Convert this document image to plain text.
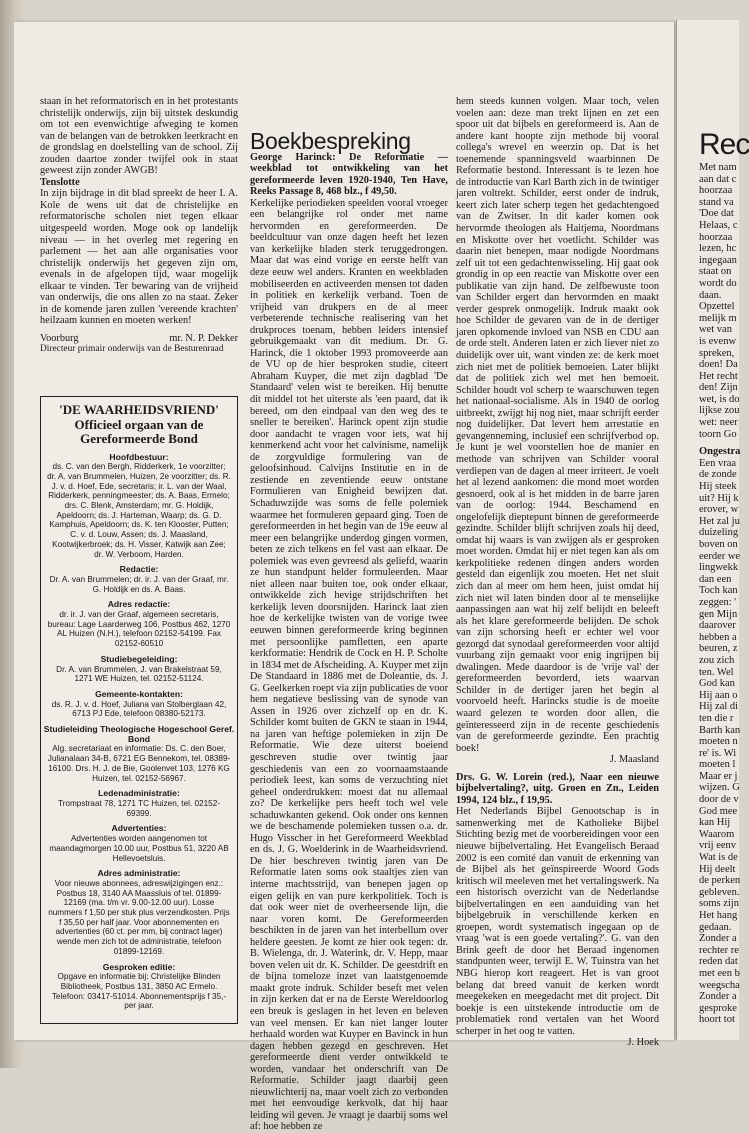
staan in het reformatorisch en in het protestants christelijk onderwijs, zijn bij uitstek deskundig om tot een evenwichtige afweging te komen van de belangen van de betrokken leerkracht en de grondslag en doelstelling van de school. Zij zouden daartoe zonder twijfel ook in staat geweest zijn zonder AWGB!

Tenslotte

In zijn bijdrage in dit blad spreekt de heer I. A. Kole de wens uit dat de christelijke en reformatorische scholen niet tegen elkaar uitgespeeld worden. Mogе ook op landelijk niveau — in het overleg met regering en parlement — het aan alle organisaties voor christelijk onderwijs het gegeven zijn om, evenals in de afgelopen tijd, waar mogelijk elkaar te vinden. Ter bewaring van de vrijheid van onderwijs, die ons allen zo na staat. Zeker in de komende jaren zullen 'vereende krachten' heilzaam kunnen en moeten werken!

Voorburg	mr. N. P. Dekker

Directeur primair onderwijs van de Besturenraad

'DE WAARHEIDSVRIEND' Officieel orgaan van de Gereformeerde Bond
Hoofdbestuur:
ds. C. van den Bergh, Ridderkerk, 1e voorzitter; dr. A. van Brummelen, Huizen, 2e voorzitter; ds. R. J. v. d. Hoef, Ede, secretaris; ir. L. van der Waal, Ridderkerk, penningmeester; ds. A. Baas, Ermelo; drs. C. Blenk, Amsterdam; mr. G. Holdijk, Apeldoorn; ds. J. Harteman, Waarp; ds. G. D. Kamphuis, Apeldoorn; ds. K. ten Klooster, Putten; C. v. d. Louw, Assen; ds. J. Maasland, Kootwijkerbroek; ds. H. Visser, Katwijk aan Zee; dr. W. Verboom, Harden.
Redactie:
Dr. A. van Brummelen; dr. ir. J. van der Graaf, mr. G. Holdijk en ds. A. Baas.
Adres redactie:
dr. ir. J. van der Graaf, algemeen secretaris, bureau: Lage Laarderweg 106, Postbus 462, 1270 AL Huizen (N.H.), telefoon 02152-54199. Fax 02152-60510
Studiebegeleiding:
Dr. A. van Brummelen, J. van Brakelstraat 59, 1271 WE Huizen, tel. 02152-51124.
Gemeente-kontakten:
ds. R. J. v. d. Hoef, Juliana van Stolberglaan 42, 6713 PJ Ede, telefoon 08380-52173.
Studieleiding Theologische Hogeschool Geref. Bond
Alg. secretariaat en informatie: Ds. C. den Boer, Julianalaan 34-B, 6721 EG Bennekom, tel. 08389-16100. Drs. H. J. de Bie, Goolenvet 103, 1276 KG Huizen, tel. 02152-56967.
Ledenadministratie:
Trompstraat 78, 1271 TC Huizen, tel. 02152-69399.
Advertenties:
Advertenties worden aangenomen tot maandagmorgen 10.00 uur, Postbus 51, 3220 AB Hellevoetsluis.
Adres administratie:
Voor nieuwe abonnees, adreswijzigingen enz.: Postbus 18, 3140 AA Maassluis of tel. 01899-12169 (ma. t/m vr. 9.00-12.00 uur). Losse nummers f 1,50 per stuk plus verzendkosten. Prijs f 35,50 per half jaar. Voor abonnementen en advertenties (60 ct. per mm, bij contract lager) wende men zich tot de administratie, telefoon 01899-12169.
Gesproken editie:
Opgave en informatie bij: Christelijke Blinden Bibliotheek, Postbus 131, 3850 AC Ermelo. Telefoon: 03417-51014. Abonnementsprijs f 35,- per jaar.
Boekbespreking

George Harinck: De Reformatie — weekblad tot ontwikkeling van het gereformeerde leven 1920-1940, Ten Have, Reeks Passage 8, 468 blz., f 49,50.

Kerkelijke periodieken speelden vooral vroeger een belangrijke rol onder met name hervormden en gereformeerden. De beeldcultuur van onze dagen heeft het lezen van kerkelijke bladen sterk teruggedrongen. Maar dat was eind vorige en eerste helft van deze eeuw wel anders. Kranten en weekbladen mobiliseerden en activeerden mensen tot daden in politiek en kerkelijk verband. Toen de vrijheid van drukpers en de al meer verbeterende technische realisering van het drukproces toenam, hebben leiders intensief gebruikgemaakt van dit medium. Dr. G. Harinck, die 1 oktober 1993 promoveerde aan de VU op de hier besproken studie, citeert Abraham Kuyper, die met zijn dagblad 'De Standaard' velen wist te bereiken. Hij benutte dit middel tot het uiterste als 'een paard, dat ik bereed, om den eindpaal van den weg des te sneller te bereiken'. Harinck opent zijn studie door aandacht te vragen voor iets, wat hij kenmerkend acht voor het calvinisme, namelijk de zorgvuldige formulering van de geloofsinhoud. Calvijns Institutie en in de zestiende en zeventiende eeuw ontstane Formulieren van Enigheid bewijzen dat. Schaduwzijde was soms de felle polemiek waarmee het formuleren gepaard ging. Toen de gereformeerden in het begin van de 19e eeuw al meer een belangrijke underdog gingen vormen, beten ze zich telkens en fel vast aan elkaar. De polemiek was even gevreesd als geliefd, waarin ze hun standpunt helder formuleerden. Maar niet alleen naar buiten toe, ook onder elkaar, ontwikkelde zich hevige strijdschriften het kerkelijk leven doorsnijden. Harinck laat zien hoe de kerkelijke twisten van de vorige twee eeuwen binnen gereformeerde kring beginnen met persoonlijke pamfletten, een aparte kerkformatie: Hendrik de Cock en H. P. Scholte in 1834 met de Afscheiding. A. Kuyper met zijn De Standaard in 1886 met de Doleantie, ds. J. G. Geelkerken roept via zijn publicaties de voor hem negatieve beslissing van de synode van Assen in 1926 over zichzelf op en dr. K. Schilder komt buiten de GKN te staan in 1944, na jaren van heftige polemieken in zijn De Reformatie. Wie deze uiterst boeiend geschreven studie over twintig jaar geschiedenis van een zo voornaamstaande periodiek leest, kan soms de verzuchting niet geheel onderdrukken: moest dat nu allemaal zo? De kerkelijke pers heeft toch wel vele schaduwkanten gekend. Ook onder ons kennen we de beschamende polemieken tussen o.a. dr. Hugo Visscher in het Gereformeerd Weekblad en ds. J. G. Woelderink in de Waarheidsvriend. De hier beschreven twintig jaren van De Reformatie laten soms ook staaltjes zien van interne machtsstrijd, van benepen jagen op eigen gelijk en van pure kerkpolitiek. Toch is dat ook weer niet de overheersende lijn, die naar voren komt. De Gereformeerden beschikten in de jaren van het interbellum over heldere geesten. Je komt ze hier ook tegen: dr. B. Wielenga, dr. J. Waterink, dr. V. Hepp, maar boven velen uit dr. K. Schilder. De geestdrift en de bijna tomeloze inzet van laatstgenoemde maakt grote indruk. Schilder beseft met velen in zijn kerken dat er na de Eerste Wereldoorlog een breuk is geslagen in het leven en beleven van veel mensen. Er kan niet langer louter herhaald worden wat Kuyper en Bavinck in hun dagen hebben gezegd en geschreven. Het gereformeerde dient verder ontwikkeld te worden, vandaar het onderschrift van De Reformatie. Schilder jaagt daarbij geen nieuwlichterij na, maar voelt zich zo verbonden met het eenvoudige kerkvolk, dat hij haar leiding wil geven. Je vraagt je daarbij soms wel af: hoe hebben ze

hem steeds kunnen volgen. Maar toch, velen voelen aan: deze man trekt lijnen en zet een spoor uit dat bijbels en gereformeerd is. Aan de andere kant hoopte zijn methode bij vooral collega's wrevel en weerzin op. Dat is het toenemende spanningsveld waarbinnen De Reformatie bestond. Interessant is te lezen hoe de introductie van Karl Barth zich in de twintiger jaren voltrekt. Schilder, eerst onder de indruk, keert zich later scherp tegen het gedachtengoed van de Zwitser. In dit kader komen ook hervormde theologen als Haitjema, Noordmans en Miskotte over het voetlicht. Schilder was daarin niet benepen, maar nodigde Noordmans zelf uit tot een gedachtenwisseling. Hij gaat ook grondig in op een reactie van Miskotte over een publikatie van zijn hand. De zelfbewuste toon van Schilder ergert dan hervormden en maakt verder gesprek onmogelijk. Indruk maakt ook hoe Schilder de gevaren van de in de dertiger jaren opkomende invloed van NSB en CDU aan de orde stelt. Anderen laten er zich liever niet zo duidelijk over uit, want vinden ze: de kerk moet zich niet met de politiek bemoeien. Later blijkt dat de politiek zich wel met hen bemoeit. Schilder houdt vol scherp te waarschuwen tegen het nationaal-socialisme. Als in 1940 de oorlog uitbreekt, zwijgt hij nog niet, maar schrijft eerder nog duidelijker. Dat levert hem arrestatie en gevangenneming, inclusief een schrijfverbod op. Je kunt je wel voorstellen hoe de manier en methode van schrijven van Schilder vooral verdiepen van de dagen al meer irriteert. Je voelt het al lezend aankomen: die mond moet worden gesnoerd, ook al is het midden in de barre jaren van de oorlog: 1944. Beschamend en ongelofelijk dieptepunt binnen de gereformeerde gezindte. Schilder blijft schrijven zoals hij deed, omdat hij waars is van zwijgen als er gesproken moet worden. Omdat hij er niet tegen kan als om kerkpolitieke redenen dingen anders worden gesteld dan eigenlijk zou moeten. Het net sluit zich dan al meer om hem heen, juist omdat hij zich niet wil laten binden door al te menselijke aanpassingen aan wat hij zelf belijdt en beleeft als het klare gereformeerde belijden. De schok van zijn schorsing heeft er echter wel voor gezorgd dat synodaal gereformeerden voor altijd vuurbang zijn gemaakt voor enig ingrijpen bij dwalingen. Mede daardoor is de 'vrije val' der gereformeerden bevorderd, iets waarvan Schilder in de dertiger jaren het begin al voorvoeld heeft. Harincks studie is de moeite waard gelezen te worden door allen, die geïnteresseerd zijn in de recente geschiedenis van de gereformeerde gezindte. Een prachtig boek!

J. Maasland

Drs. G. W. Lorein (red.), Naar een nieuwe bijbelvertaling?, uitg. Groen en Zn., Leiden 1994, 124 blz., f 19,95.

Het Nederlands Bijbel Genootschap is in samenwerking met de Katholieke Bijbel Stichting bezig met de voorbereidingen voor een nieuwe bijbelvertaling. Het Evangelisch Beraad 2002 is een comité dan vanuit de erkenning van de Bijbel als het geïnspireerde Woord Gods kritisch wil meeleven met het vertalingswerk. Na een historisch overzicht van de Nederlandse bijbelvertalingen en een aanduiding van het bijbelgebruik in verschillende kerken en groepen, wordt systematisch ingegaan op de vraag 'wat is een goede vertaling?'. G. van den Brink geeft de door het Beraad ingenomen standpunten weer, terwijl E. W. Tuinstra van het NBG hierop kort reageert. Het is van groot belang dat breed vanuit de kerken wordt meegekeken en meegedacht met dit project. Dit boekje is een uitstekende introductie om de problematiek rond vertalen van het Woord scherper in het oog te vatten.

J. Hoek

Rec
Met nam
aan dat c
hoorzaa
stand va
'Doe dat
Helaas, c
hoorzaa
lezen, hc
ingegaan
staat on
wordt do
daan.
Opzettel
melijk m
wet van
is evenw
spreken,
doen! Da
Het recht
den! Zijn
wet, is do
lijkse zou
wet: neer
toorn Go
Ongestra
Een vraa
de zonde
Hij steek
uit? Hij k
erover, w
Het zal ju
duizeling
boven on
eerder we
lingwekk
dan een
Toch kan
zeggen: '
gen Mijn
daarover
hebben a
beuren, z
zou zich
ten. Wel
God kan
Hij aan o
Hij zal di
ten die r
Barth kan
moeten n
re' is. Wi
moeten l
Maar er j
wijzen. G
door de v
God mee
kan Hij
Waarom
vrij eenv
Wat is de
Hij deelt
de perken
gebleven.
soms zijn
Het hang
gedaan.
Zonder a
rechter re
reden dat
met een b
weegscha
Zonder a
gesproke
hoort tot
